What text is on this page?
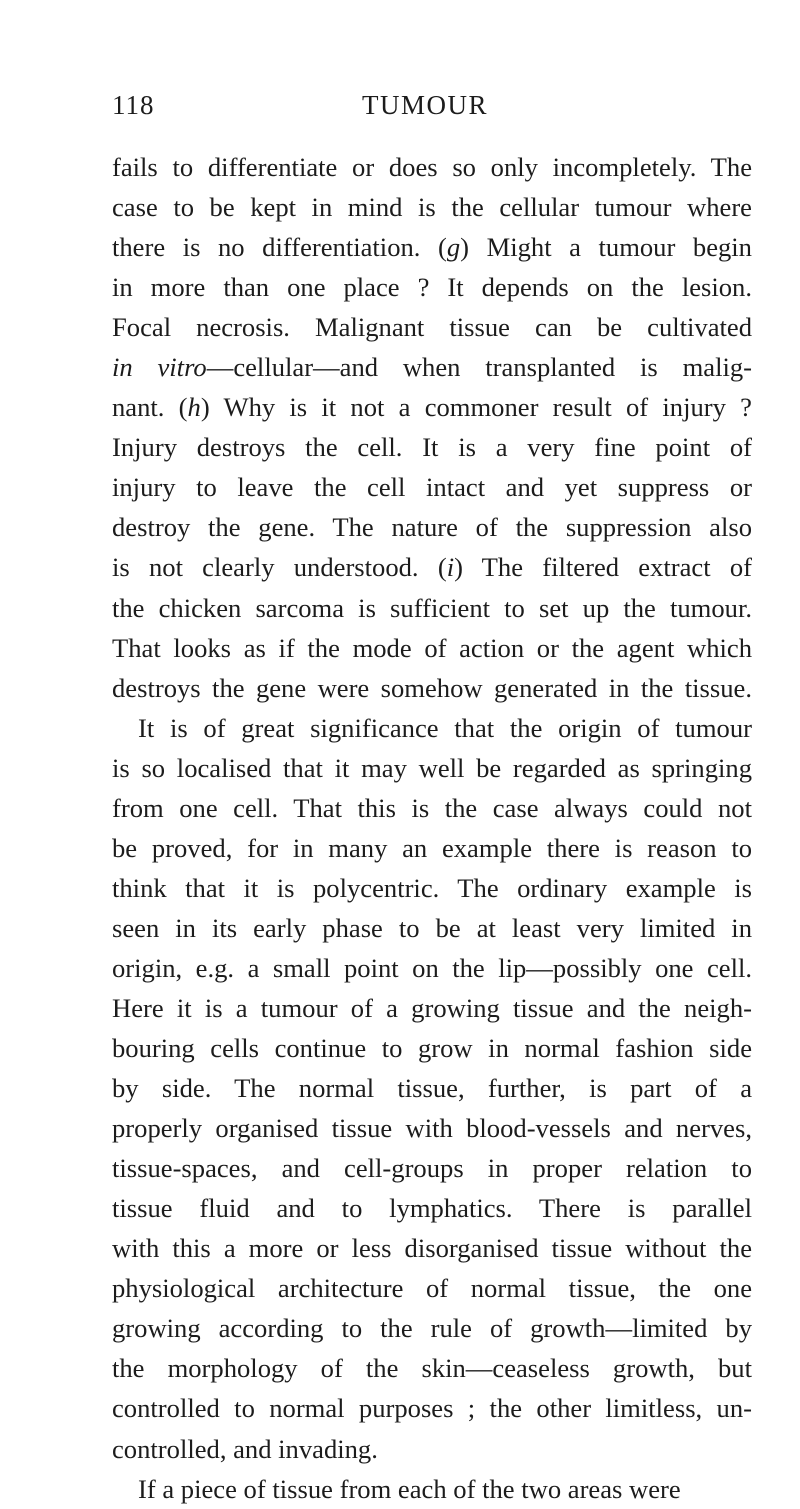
118	TUMOUR
fails to differentiate or does so only incompletely. The
case to be kept in mind is the cellular tumour where
there is no differentiation. (g) Might a tumour begin
in more than one place ? It depends on the lesion.
Focal necrosis. Malignant tissue can be cultivated
in vitro—cellular—and when transplanted is malig-
nant. (h) Why is it not a commoner result of injury ?
Injury destroys the cell. It is a very fine point of
injury to leave the cell intact and yet suppress or
destroy the gene. The nature of the suppression also
is not clearly understood. (i) The filtered extract of
the chicken sarcoma is sufficient to set up the tumour.
That looks as if the mode of action or the agent which
destroys the gene were somehow generated in the tissue.
It is of great significance that the origin of tumour
is so localised that it may well be regarded as springing
from one cell. That this is the case always could not
be proved, for in many an example there is reason to
think that it is polycentric. The ordinary example is
seen in its early phase to be at least very limited in
origin, e.g. a small point on the lip—possibly one cell.
Here it is a tumour of a growing tissue and the neigh-
bouring cells continue to grow in normal fashion side
by side. The normal tissue, further, is part of a
properly organised tissue with blood-vessels and nerves,
tissue-spaces, and cell-groups in proper relation to
tissue fluid and to lymphatics. There is parallel
with this a more or less disorganised tissue without the
physiological architecture of normal tissue, the one
growing according to the rule of growth—limited by
the morphology of the skin—ceaseless growth, but
controlled to normal purposes ; the other limitless, un-
controlled, and invading.
If a piece of tissue from each of the two areas were
